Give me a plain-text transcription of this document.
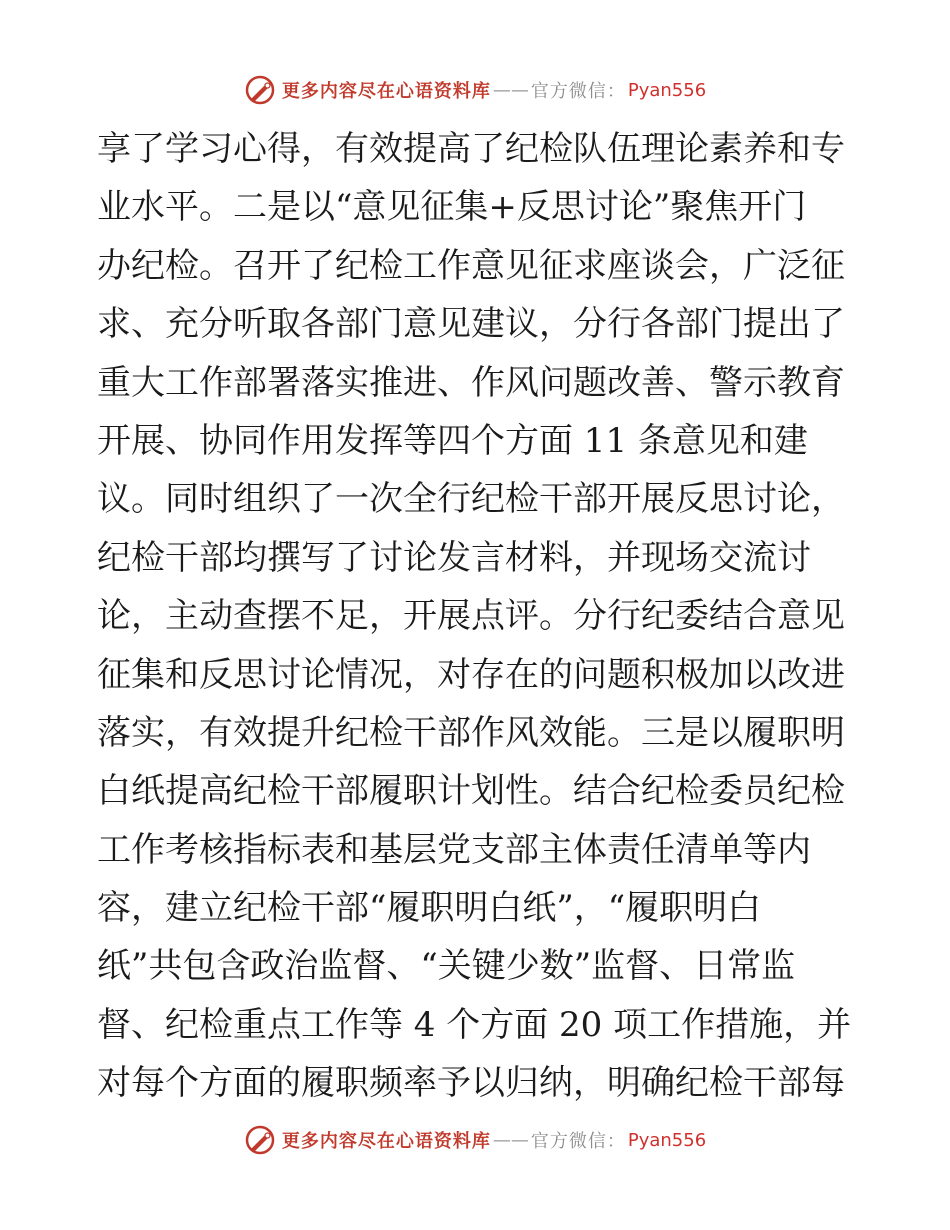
更多内容尽在心语资料库 —— 官方微信： Pyan556
享了学习心得，有效提高了纪检队伍理论素养和专
业水平。二是以“意见征集+反思讨论”聚焦开门
办纪检。召开了纪检工作意见征求座谈会，广泛征
求、充分听取各部门意见建议，分行各部门提出了
重大工作部署落实推进、作风问题改善、警示教育
开展、协同作用发挥等四个方面 11 条意见和建
议。同时组织了一次全行纪检干部开展反思讨论，
纪检干部均撰写了讨论发言材料，并现场交流讨
论，主动查摆不足，开展点评。分行纪委结合意见
征集和反思讨论情况，对存在的问题积极加以改进
落实，有效提升纪检干部作风效能。三是以履职明
白纸提高纪检干部履职计划性。结合纪检委员纪检
工作考核指标表和基层党支部主体责任清单等内
容，建立纪检干部“履职明白纸”，“履职明白
纸”共包含政治监督、“关键少数”监督、日常监
督、纪检重点工作等 4 个方面 20 项工作措施，并
对每个方面的履职频率予以归纳，明确纪检干部每
更多内容尽在心语资料库 —— 官方微信： Pyan556
